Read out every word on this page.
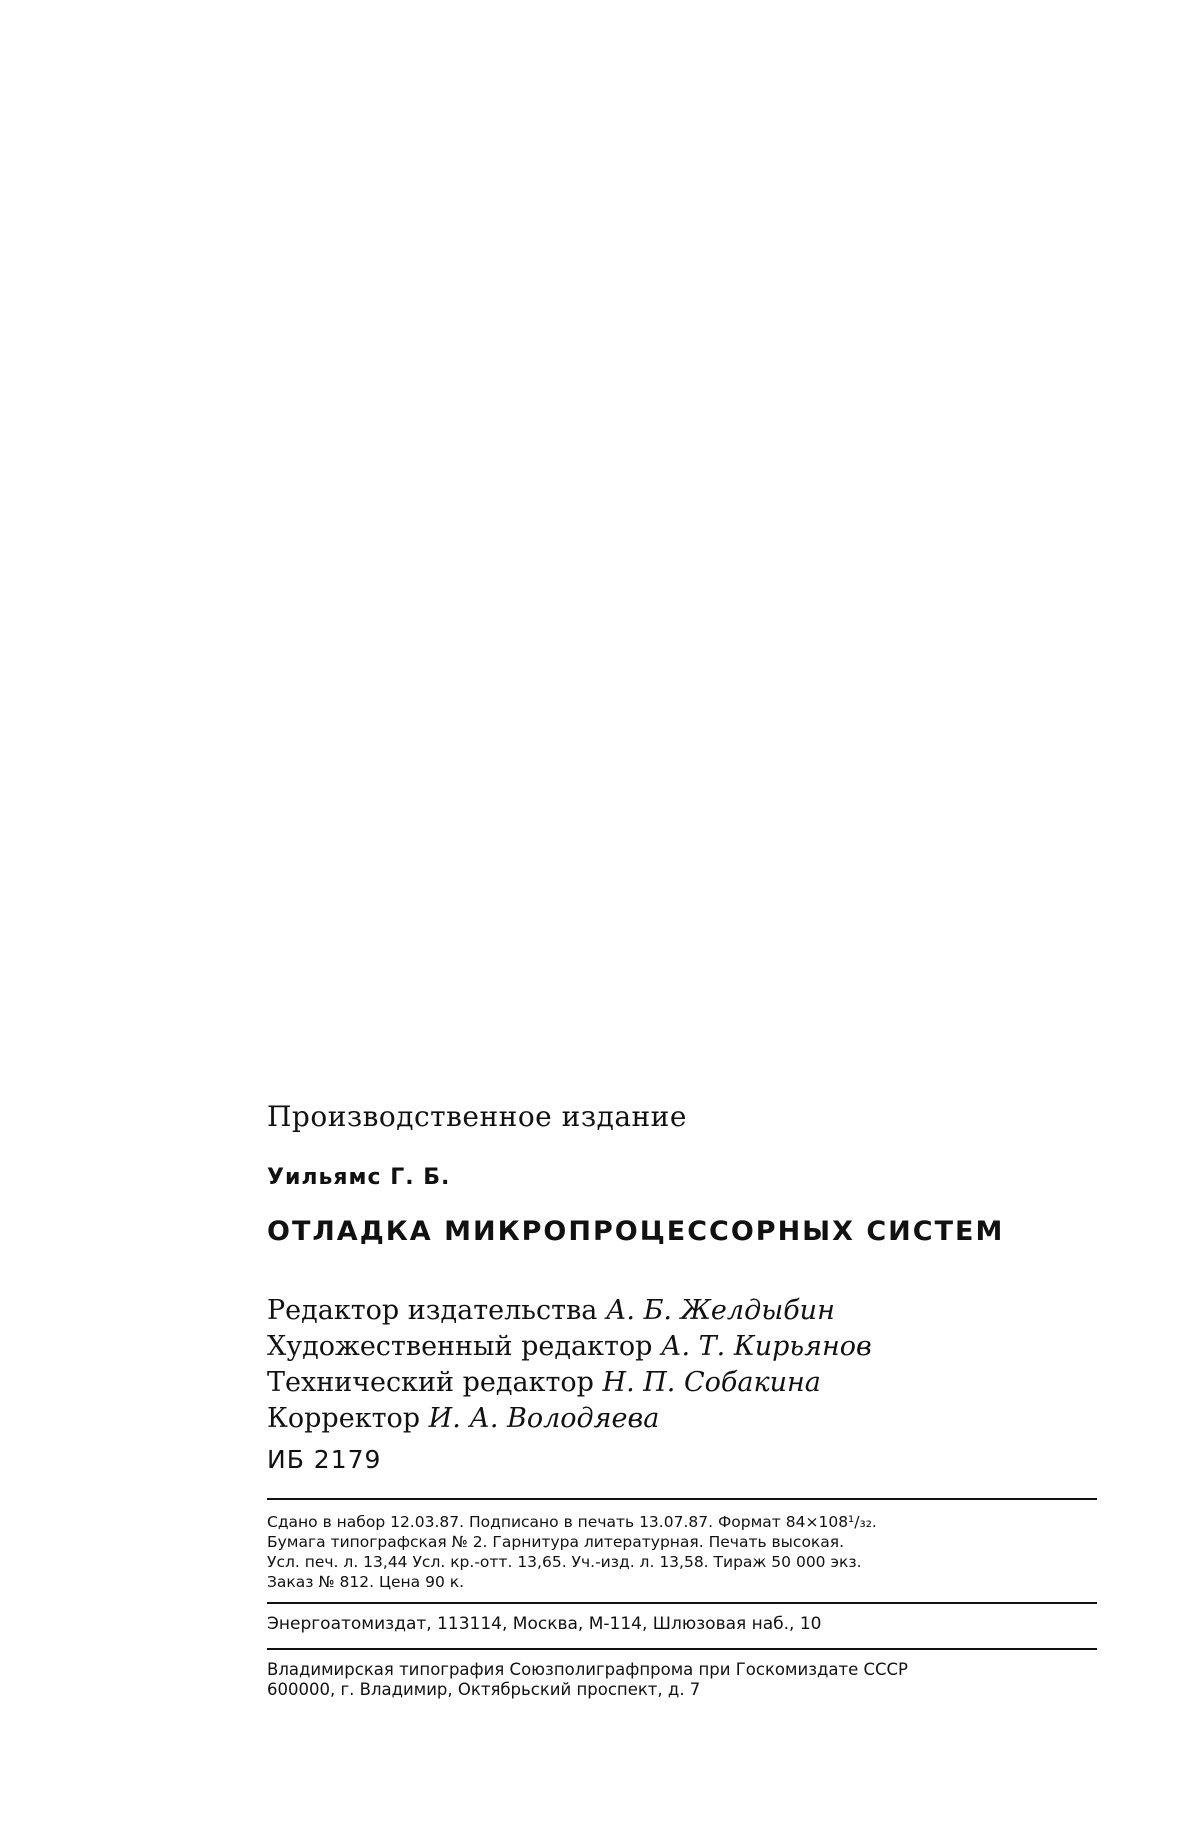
Производственное издание
Уильямс Г. Б.
ОТЛАДКА МИКРОПРОЦЕССОРНЫХ СИСТЕМ
Редактор издательства А. Б. Желдыбин
Художественный редактор А. Т. Кирьянов
Технический редактор Н. П. Собакина
Корректор И. А. Володяева
ИБ 2179
Сдано в набор 12.03.87. Подписано в печать 13.07.87. Формат 84×108¹/₃₂.
Бумага типографская № 2. Гарнитура литературная. Печать высокая.
Усл. печ. л. 13,44 Усл. кр.-отт. 13,65. Уч.-изд. л. 13,58. Тираж 50 000 экз.
Заказ № 812. Цена 90 к.
Энергоатомиздат, 113114, Москва, М-114, Шлюзовая наб., 10
Владимирская типография Союзполиграфпрома при Госкомиздате СССР
600000, г. Владимир, Октябрьский проспект, д. 7
